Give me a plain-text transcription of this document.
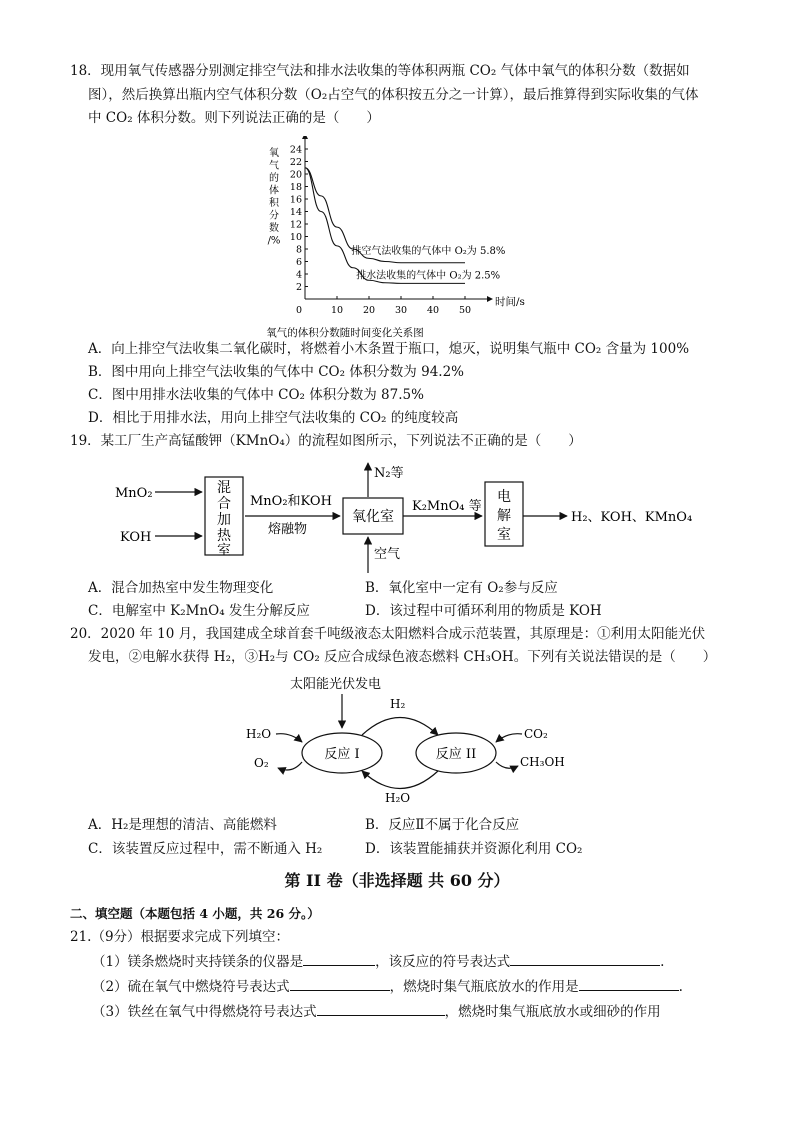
18．现用氧气传感器分别测定排空气法和排水法收集的等体积两瓶 CO₂ 气体中氧气的体积分数（数据如
图），然后换算出瓶内空气体积分数（O₂占空气的体积按五分之一计算），最后推算得到实际收集的气体
中 CO₂ 体积分数。则下列说法正确的是（　　）
2
4
6
8
10
12
14
16
18
20
22
24
0	10 20 30 40 50
氧
气
的
体
积
分
数
/%
时间/s
排空气法收集的气体中 O₂为 5.8%
排水法收集的气体中 O₂为 2.5%
氧气的体积分数随时间变化关系图
A．向上排空气法收集二氧化碳时，将燃着小木条置于瓶口，熄灭，说明集气瓶中 CO₂ 含量为 100%
B．图中用向上排空气法收集的气体中 CO₂ 体积分数为 94.2%
C．图中用排水法收集的气体中 CO₂ 体积分数为 87.5%
D．相比于用排水法，用向上排空气法收集的 CO₂ 的纯度较高
19．某工厂生产高锰酸钾（KMnO₄）的流程如图所示，下列说法不正确的是（　　）
MnO₂
KOH
混
合
加
热
室
MnO₂和KOH
熔融物
氧化室
N₂等
空气
K₂MnO₄ 等
电
解
室
H₂、KOH、KMnO₄
A．混合加热室中发生物理变化	B．氧化室中一定有 O₂参与反应
C．电解室中 K₂MnO₄ 发生分解反应	D．该过程中可循环利用的物质是 KOH
20．2020 年 10 月，我国建成全球首套千吨级液态太阳燃料合成示范装置，其原理是：①利用太阳能光伏
发电，②电解水获得 H₂，③H₂与 CO₂ 反应合成绿色液态燃料 CH₃OH。下列有关说法错误的是（　　）
太阳能光伏发电
反应 I	反应 II
H₂
H₂O
H₂O
O₂
CO₂
CH₃OH
A．H₂是理想的清洁、高能燃料	B．反应Ⅱ不属于化合反应
C．该装置反应过程中，需不断通入 H₂	D．该装置能捕获并资源化利用 CO₂
第 II 卷（非选择题 共 60 分）
二、填空题（本题包括 4 小题，共 26 分。）
21.（9分）根据要求完成下列填空：
（1）镁条燃烧时夹持镁条的仪器是	，该反应的符号表达式	.
（2）硫在氧气中燃烧符号表达式	，燃烧时集气瓶底放水的作用是	.
（3）铁丝在氧气中得燃烧符号表达式	，燃烧时集气瓶底放水或细砂的作用
